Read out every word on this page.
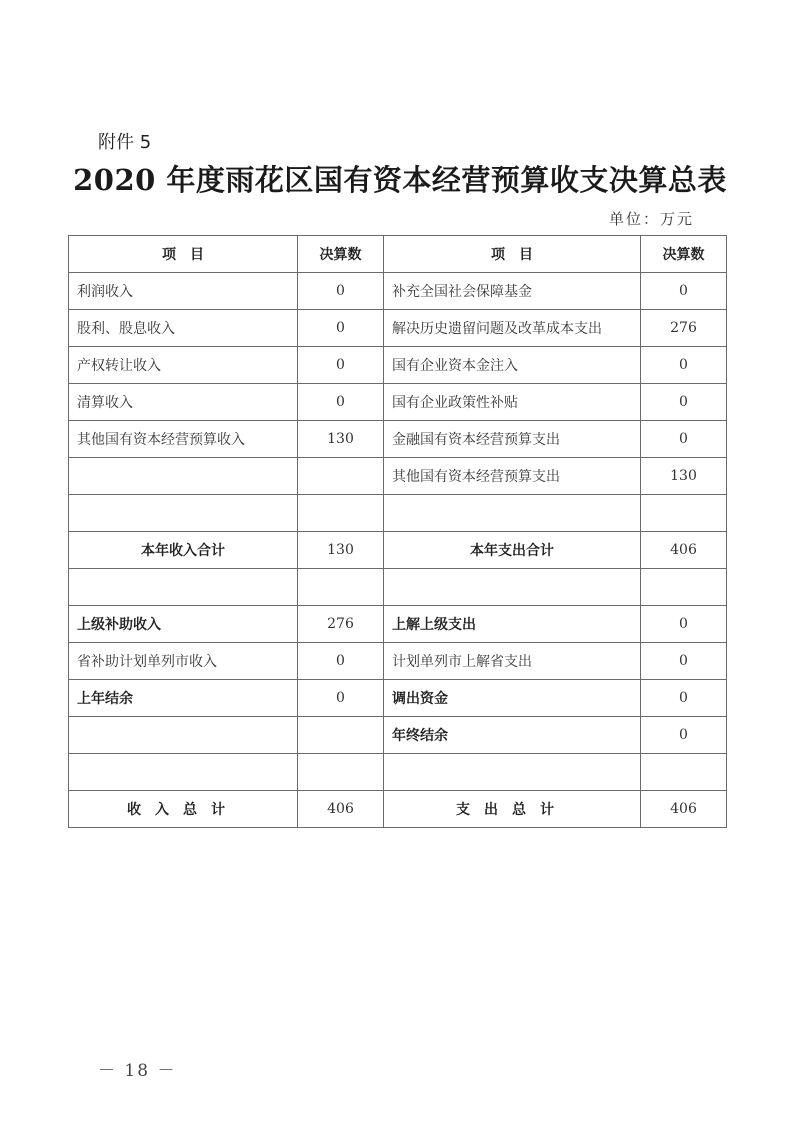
附件 5
2020 年度雨花区国有资本经营预算收支决算总表
单位：万元
项　目	决算数	项　目	决算数
利润收入	0	补充全国社会保障基金	0
股利、股息收入	0	解决历史遗留问题及改革成本支出	276
产权转让收入	0	国有企业资本金注入	0
清算收入	0	国有企业政策性补贴	0
其他国有资本经营预算收入	130	金融国有资本经营预算支出	0
		其他国有资本经营预算支出	130

本年收入合计	130	本年支出合计	406

上级补助收入	276	上解上级支出	0
省补助计划单列市收入	0	计划单列市上解省支出	0
上年结余	0	调出资金	0
		年终结余	0

收入总计	406	支出总计	406
－ 18 －
